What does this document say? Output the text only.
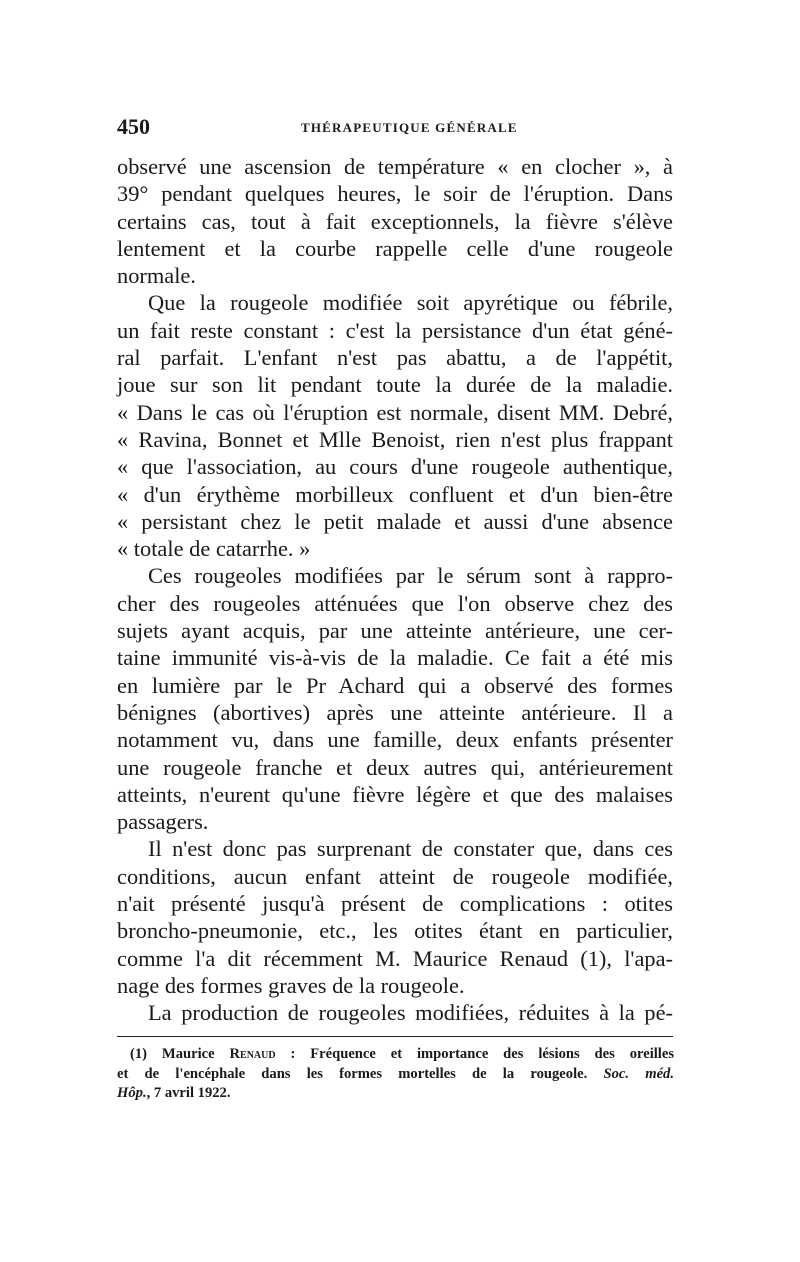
450	THÉRAPEUTIQUE GÉNÉRALE
observé une ascension de température « en clocher », à
39° pendant quelques heures, le soir de l'éruption. Dans
certains cas, tout à fait exceptionnels, la fièvre s'élève
lentement et la courbe rappelle celle d'une rougeole
normale.
Que la rougeole modifiée soit apyrétique ou fébrile,
un fait reste constant : c'est la persistance d'un état géné-
ral parfait. L'enfant n'est pas abattu, a de l'appétit,
joue sur son lit pendant toute la durée de la maladie.
« Dans le cas où l'éruption est normale, disent MM. Debré,
« Ravina, Bonnet et Mlle Benoist, rien n'est plus frappant
« que l'association, au cours d'une rougeole authentique,
« d'un érythème morbilleux confluent et d'un bien-être
« persistant chez le petit malade et aussi d'une absence
« totale de catarrhe. »
Ces rougeoles modifiées par le sérum sont à rappro-
cher des rougeoles atténuées que l'on observe chez des
sujets ayant acquis, par une atteinte antérieure, une cer-
taine immunité vis-à-vis de la maladie. Ce fait a été mis
en lumière par le Pr Achard qui a observé des formes
bénignes (abortives) après une atteinte antérieure. Il a
notamment vu, dans une famille, deux enfants présenter
une rougeole franche et deux autres qui, antérieurement
atteints, n'eurent qu'une fièvre légère et que des malaises
passagers.
Il n'est donc pas surprenant de constater que, dans ces
conditions, aucun enfant atteint de rougeole modifiée,
n'ait présenté jusqu'à présent de complications : otites
broncho-pneumonie, etc., les otites étant en particulier,
comme l'a dit récemment M. Maurice Renaud (1), l'apa-
nage des formes graves de la rougeole.
La production de rougeoles modifiées, réduites à la pé-
(1) Maurice Renaud : Fréquence et importance des lésions des oreilles
et de l'encéphale dans les formes mortelles de la rougeole. Soc. méd.
Hôp., 7 avril 1922.
